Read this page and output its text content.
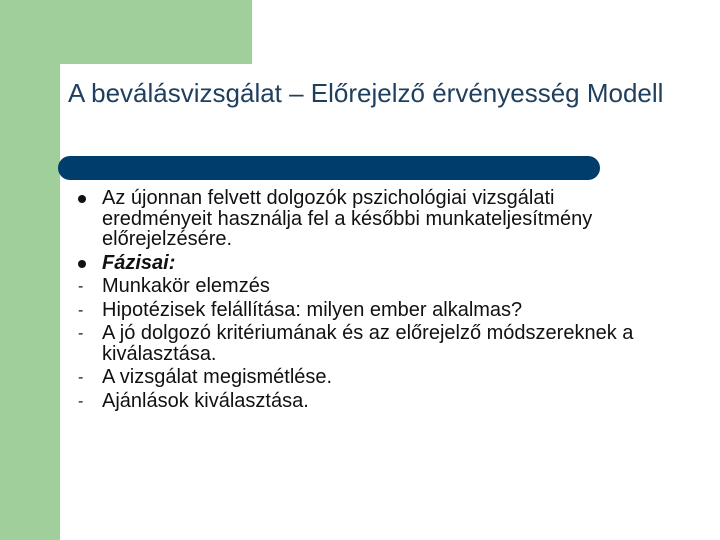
A beválásvizsgálat – Előrejelző érvényesség Modell
Az újonnan felvett dolgozók pszichológiai vizsgálati eredményeit használja fel a későbbi munkateljesítmény előrejelzésére.
Fázisai:
- Munkakör elemzés
- Hipotézisek felállítása: milyen ember alkalmas?
- A jó dolgozó kritériumának és az előrejelző módszereknek a kiválasztása.
- A vizsgálat megismétlése.
- Ajánlások kiválasztása.
